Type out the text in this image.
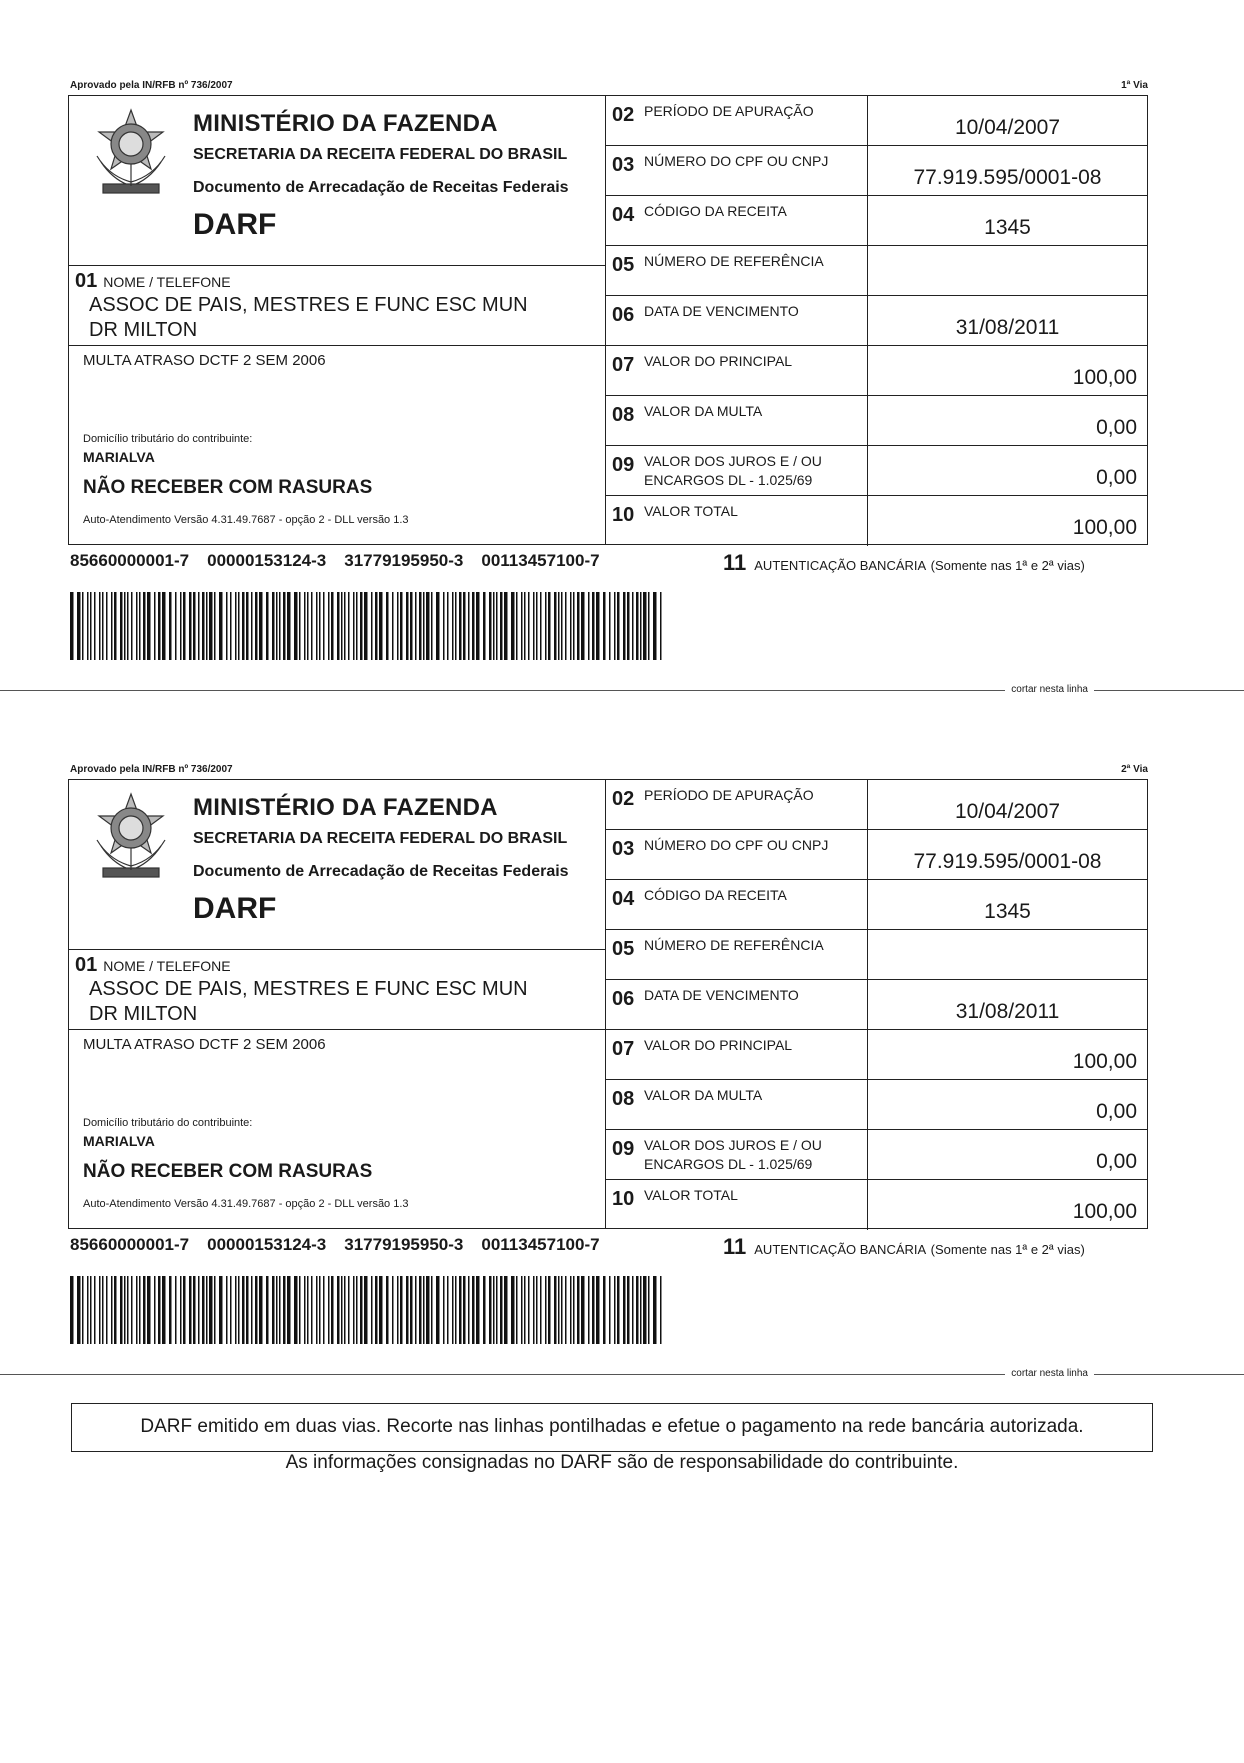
Aprovado pela IN/RFB nº 736/2007	1ª Via
MINISTÉRIO DA FAZENDA
SECRETARIA DA RECEITA FEDERAL DO BRASIL
Documento de Arrecadação de Receitas Federais
DARF
01 NOME / TELEFONE
ASSOC DE PAIS, MESTRES E FUNC ESC MUN
DR MILTON
MULTA ATRASO DCTF 2 SEM 2006
Domicílio tributário do contribuinte:
MARIALVA
NÃO RECEBER COM RASURAS
Auto-Atendimento Versão 4.31.49.7687 - opção 2 - DLL versão 1.3
02 PERÍODO DE APURAÇÃO
10/04/2007
03 NÚMERO DO CPF OU CNPJ
77.919.595/0001-08
04 CÓDIGO DA RECEITA
1345
05 NÚMERO DE REFERÊNCIA
06 DATA DE VENCIMENTO
31/08/2011
07 VALOR DO PRINCIPAL
100,00
08 VALOR DA MULTA
0,00
09 VALOR DOS JUROS E / OU
ENCARGOS DL - 1.025/69	0,00
10 VALOR TOTAL
100,00
85660000001-7 00000153124-3 31779195950-3 00113457100-7	11 AUTENTICAÇÃO BANCÁRIA (Somente nas 1ª e 2ª vias)
cortar nesta linha
Aprovado pela IN/RFB nº 736/2007	2ª Via
MINISTÉRIO DA FAZENDA
SECRETARIA DA RECEITA FEDERAL DO BRASIL
Documento de Arrecadação de Receitas Federais
DARF
01 NOME / TELEFONE
ASSOC DE PAIS, MESTRES E FUNC ESC MUN
DR MILTON
MULTA ATRASO DCTF 2 SEM 2006
Domicílio tributário do contribuinte:
MARIALVA
NÃO RECEBER COM RASURAS
Auto-Atendimento Versão 4.31.49.7687 - opção 2 - DLL versão 1.3
02 PERÍODO DE APURAÇÃO
10/04/2007
03 NÚMERO DO CPF OU CNPJ
77.919.595/0001-08
04 CÓDIGO DA RECEITA
1345
05 NÚMERO DE REFERÊNCIA
06 DATA DE VENCIMENTO
31/08/2011
07 VALOR DO PRINCIPAL
100,00
08 VALOR DA MULTA
0,00
09 VALOR DOS JUROS E / OU
ENCARGOS DL - 1.025/69	0,00
10 VALOR TOTAL
100,00
85660000001-7 00000153124-3 31779195950-3 00113457100-7	11 AUTENTICAÇÃO BANCÁRIA (Somente nas 1ª e 2ª vias)
cortar nesta linha
DARF emitido em duas vias. Recorte nas linhas pontilhadas e efetue o pagamento na rede bancária autorizada.
As informações consignadas no DARF são de responsabilidade do contribuinte.
